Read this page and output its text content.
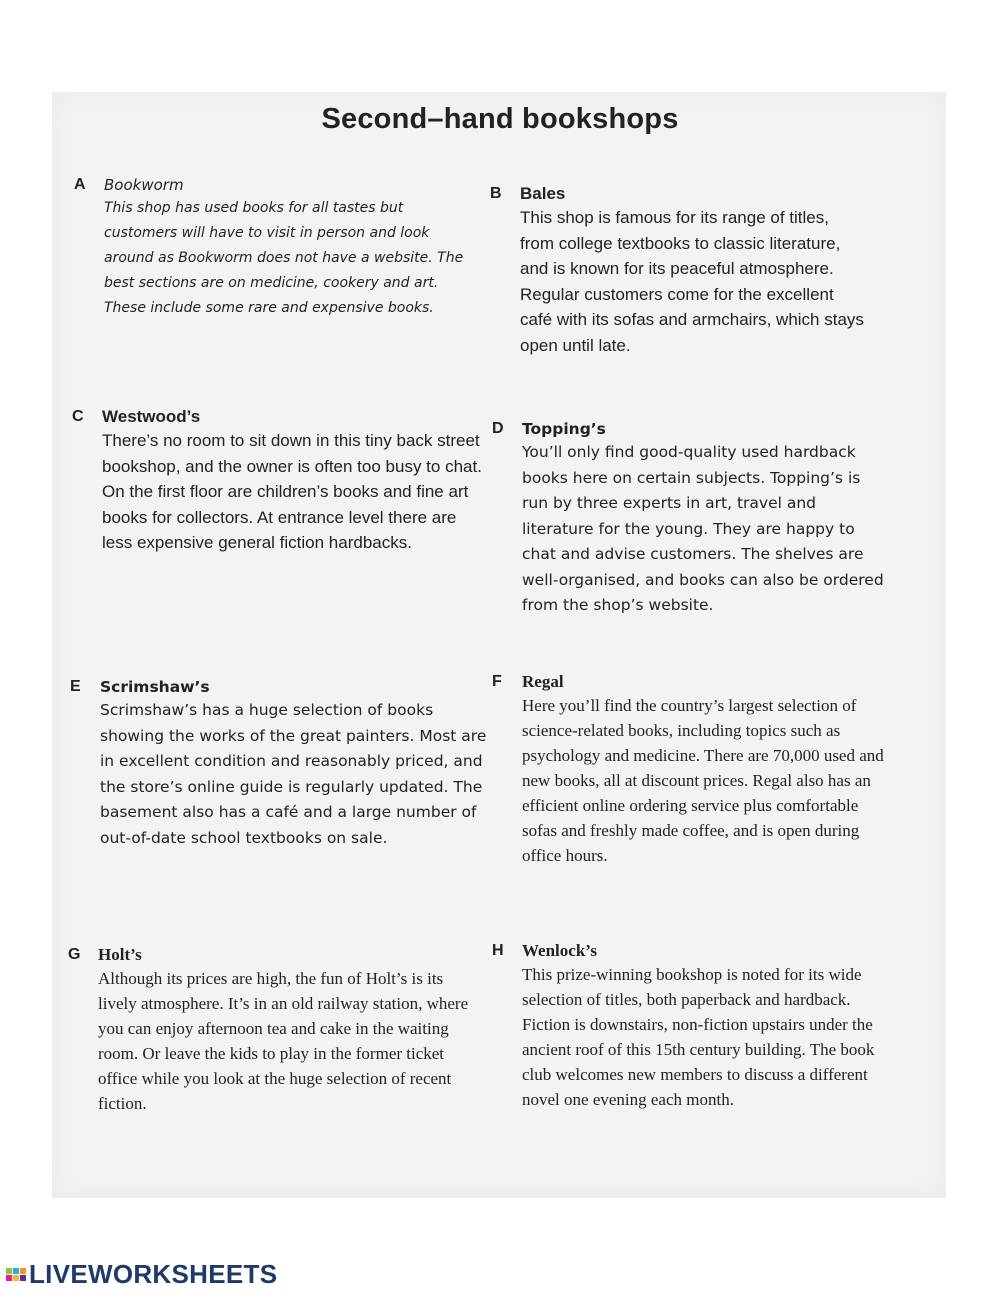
Second–hand bookshops
A Bookworm
This shop has used books for all tastes but customers will have to visit in person and look around as Bookworm does not have a website. The best sections are on medicine, cookery and art. These include some rare and expensive books.
B Bales
This shop is famous for its range of titles, from college textbooks to classic literature, and is known for its peaceful atmosphere. Regular customers come for the excellent café with its sofas and armchairs, which stays open until late.
C Westwood’s
There’s no room to sit down in this tiny back street bookshop, and the owner is often too busy to chat. On the first floor are children’s books and fine art books for collectors. At entrance level there are less expensive general fiction hardbacks.
D Topping’s
You’ll only find good-quality used hardback books here on certain subjects. Topping’s is run by three experts in art, travel and literature for the young. They are happy to chat and advise customers. The shelves are well-organised, and books can also be ordered from the shop’s website.
E Scrimshaw’s
Scrimshaw’s has a huge selection of books showing the works of the great painters. Most are in excellent condition and reasonably priced, and the store’s online guide is regularly updated. The basement also has a café and a large number of out-of-date school textbooks on sale.
F Regal
Here you’ll find the country’s largest selection of science-related books, including topics such as psychology and medicine. There are 70,000 used and new books, all at discount prices. Regal also has an efficient online ordering service plus comfortable sofas and freshly made coffee, and is open during office hours.
G Holt’s
Although its prices are high, the fun of Holt’s is its lively atmosphere. It’s in an old railway station, where you can enjoy afternoon tea and cake in the waiting room. Or leave the kids to play in the former ticket office while you look at the huge selection of recent fiction.
H Wenlock’s
This prize-winning bookshop is noted for its wide selection of titles, both paperback and hardback. Fiction is downstairs, non-fiction upstairs under the ancient roof of this 15th century building. The book club welcomes new members to discuss a different novel one evening each month.
LIVEWORKSHEETS
